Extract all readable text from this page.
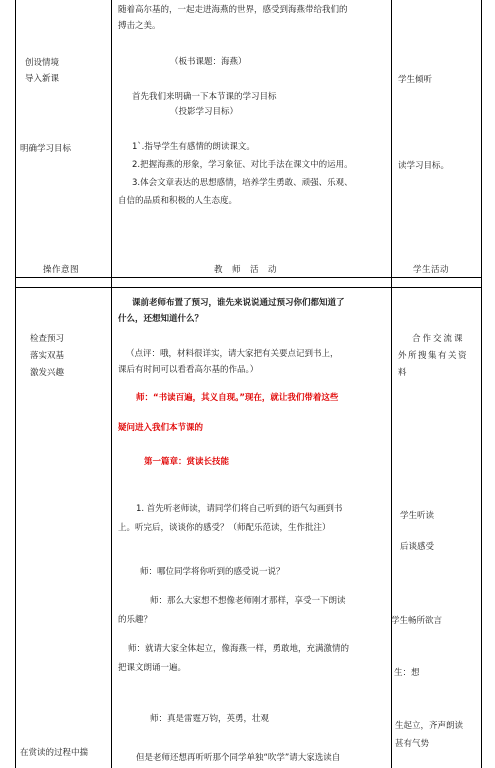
创设情境
导入新课
明确学习目标
随着高尔基的，一起走进海燕的世界，感受到海燕带给我们的
搏击之美。
（板书课题：海燕）
首先我们来明确一下本节课的学习目标
（投影学习目标）
1`.指导学生有感情的朗读课文。
2.把握海燕的形象，学习象征、对比手法在课文中的运用。
3.体会文章表达的思想感情，培养学生勇敢、顽强、乐观、
自信的品质和积极的人生态度。
学生倾听
读学习目标。
操作意图	教　师　活　动	学生活动
检查预习
落实双基
激发兴趣
在赏读的过程中揣
课前老师布置了预习，谁先来说说通过预习你们都知道了
什么，还想知道什么？
（点评：哦，材料很详实，请大家把有关要点记到书上，
课后有时间可以看看高尔基的作品。）
师：“书读百遍，其义自现。”现在，就让我们带着这些
疑问进入我们本节课的
第一篇章：赏读长技能
1. 首先听老师读，请同学们将自己听到的语气勾画到书
上。听完后，谈谈你的感受？（师配乐范读，生作批注）
师：哪位同学将你听到的感受说一说？
师：那么大家想不想像老师刚才那样，享受一下朗读
的乐趣？
师：就请大家全体起立，像海燕一样，勇敢地，充满激情的
把课文朗诵一遍。
师：真是雷霆万钧，英勇，壮观
但是老师还想再听听那个同学单独“吹学”请大家选读自
合作交流课
外所搜集有关资
料
学生听读
后谈感受
学生畅所欲言
生：想
生起立，齐声朗读
甚有气势
